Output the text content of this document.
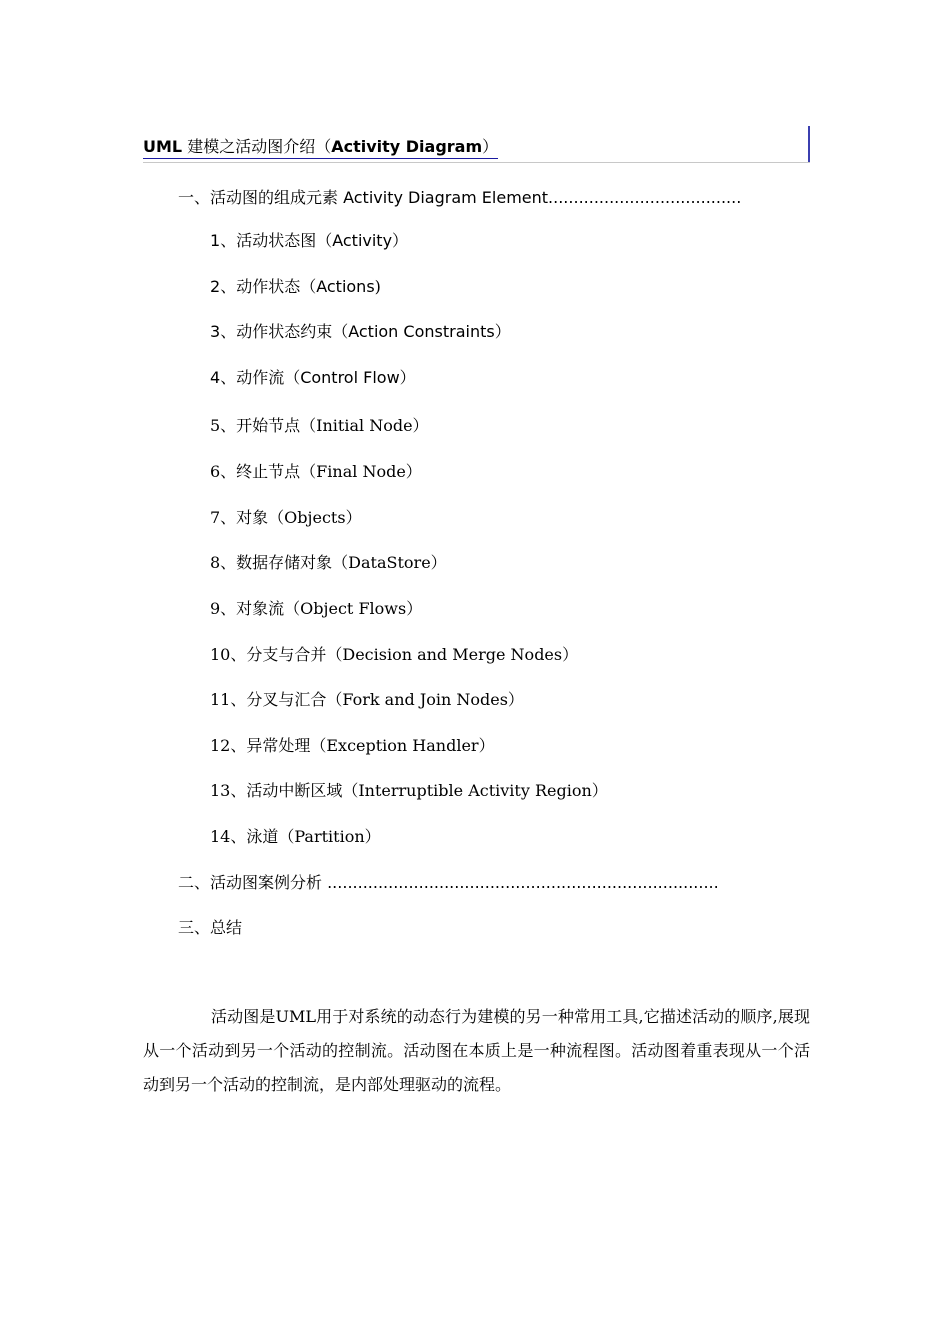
UML 建模之活动图介绍（Activity Diagram）
一、活动图的组成元素 Activity Diagram Element......................................
1、活动状态图（Activity）
2、动作状态（Actions)
3、动作状态约束（Action Constraints）
4、动作流（Control Flow）
5、开始节点（Initial Node）
6、终止节点（Final Node）
7、对象（Objects）
8、数据存储对象（DataStore）
9、对象流（Object Flows）
10、分支与合并（Decision and Merge Nodes）
11、分叉与汇合（Fork and Join Nodes）
12、异常处理（Exception Handler）
13、活动中断区域（Interruptible Activity Region）
14、泳道（Partition）
二、活动图案例分析 .............................................................................
三、总结

活动图是UML用于对系统的动态行为建模的另一种常用工具,它描述活动的顺序,展现从一个活动到另一个活动的控制流。活动图在本质上是一种流程图。活动图着重表现从一个活动到另一个活动的控制流，是内部处理驱动的流程。
